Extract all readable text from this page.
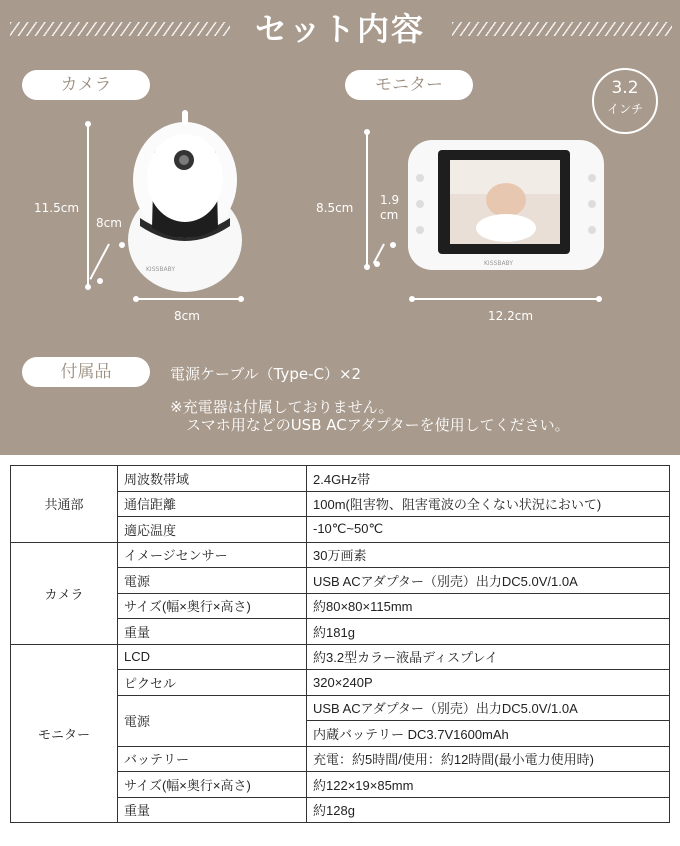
セット内容
カメラ	モニター	3.2
インチ
KISSBABY
11.5cm
8cm
8cm
KISSBABY
8.5cm
1.9
cm
12.2cm
付属品	電源ケーブル（Type-C）×2
※充電器は付属しておりません。
スマホ用などのUSB ACアダプターを使用してください。
共通部	周波数帯域	2.4GHz帯
	通信距離	100m(阻害物、阻害電波の全くない状況において)
	適応温度	-10℃~50℃
カメラ	イメージセンサー	30万画素
	電源	USB ACアダプター（別売）出力DC5.0V/1.0A
	サイズ(幅×奥行×高さ)	約80×80×115mm
	重量	約181g
モニター	LCD	約3.2型カラー液晶ディスプレイ
	ピクセル	320×240P
	電源	USB ACアダプター（別売）出力DC5.0V/1.0A
		内蔵バッテリー DC3.7V1600mAh
	バッテリー	充電：約5時間/使用：約12時間(最小電力使用時)
	サイズ(幅×奥行×高さ)	約122×19×85mm
	重量	約128g
